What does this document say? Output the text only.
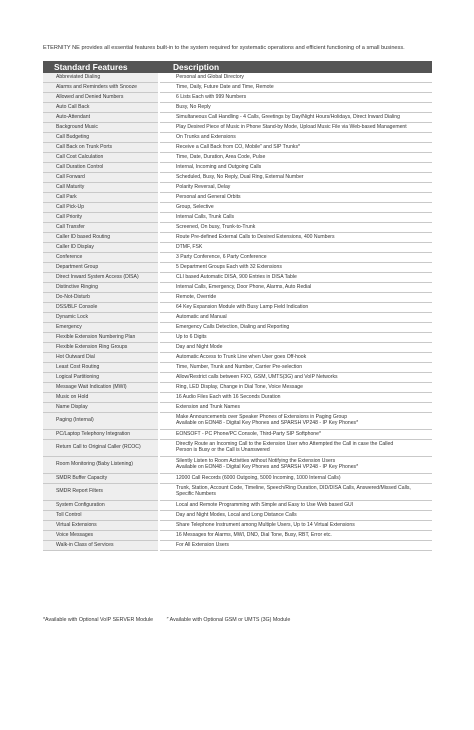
ETERNITY NE provides all essential features built-in to the system required for systematic operations and efficient functioning of a small business.
Standard Features	Description
Abbreviated Dialing	Personal and Global Directory
Alarms and Reminders with Snooze	Time, Daily, Future Date and Time, Remote
Allowed and Denied Numbers	6 Lists Each with 999 Numbers
Auto Call Back	Busy, No Reply
Auto-Attendant	Simultaneous Call Handling - 4 Calls, Greetings by Day/Night Hours/Holidays, Direct Inward Dialing
Background Music	Play Desired Piece of Music in Phone Stand-by Mode, Upload Music File via Web-based Management
Call Budgeting	On Trunks and Extensions
Call Back on Trunk Ports	Receive a Call Back from CO, Mobile″ and SIP Trunks*
Call Cost Calculation	Time, Date, Duration, Area Code, Pulse
Call Duration Control	Internal, Incoming and Outgoing Calls
Call Forward	Scheduled, Busy, No Reply, Dual Ring, External Number
Call Maturity	Polarity Reversal, Delay
Call Park	Personal and General Orbits
Call Pick-Up	Group, Selective
Call Priority	Internal Calls, Trunk Calls
Call Transfer	Screened, On busy, Trunk-to-Trunk
Caller ID based Routing	Route Pre-defined External Calls to Desired Extensions, 400 Numbers
Caller ID Display	DTMF, FSK
Conference	3 Party Conference, 6 Party Conference
Department Group	5 Department Groups Each with 32 Extensions
Direct Inward System Access (DISA)	CLI based Automatic DISA, 900 Entries in DISA Table
Distinctive Ringing	Internal Calls, Emergency, Door Phone, Alarms, Auto Redial
Do-Not-Disturb	Remote, Override
DSS/BLF Console	64 Key Expansion Module with Busy Lamp Field Indication
Dynamic Lock	Automatic and Manual
Emergency	Emergency Calls Detection, Dialing and Reporting
Flexible Extension Numbering Plan	Up to 6 Digits
Flexible Extension Ring Groups	Day and Night Mode
Hot Outward Dial	Automatic Access to Trunk Line when User goes Off-hook
Least Cost Routing	Time, Number, Trunk and Number, Carrier Pre-selection
Logical Partitioning	Allow/Restrict calls between FXO, GSM, UMTS(3G) and VoIP Networks
Message Wait Indication (MWI)	Ring, LED Display, Change in Dial Tone, Voice Message
Music on Hold	16 Audio Files Each with 16 Seconds Duration
Name Display	Extension and Trunk Names
Paging (Internal)	Make Announcements over Speaker Phones of Extensions in Paging Group
Available on EON48 - Digital Key Phones and SPARSH VP248 - IP Key Phones*
PC/Laptop Telephony Integration	EONSOFT - PC Phone/PC Console, Third-Party SIP Softphone*
Return Call to Original Caller (RCOC)	Directly Route an Incoming Call to the Extension User who Attempted the Call in case the Called
Person is Busy or the Call is Unanswered
Room Monitoring (Baby Listening)	Silently Listen to Room Activities without Notifying the Extension Users
Available on EON48 - Digital Key Phones and SPARSH VP248 - IP Key Phones*
SMDR Buffer Capacity	12000 Call Records (6000 Outgoing, 5000 Incoming, 1000 Internal Calls)
SMDR Report Filters	Trunk, Station, Account Code, Timeline, Speech/Ring Duration, DID/DISA Calls, Answered/Missed Calls,
Specific Numbers
System Configuration	Local and Remote Programming with Simple and Easy to Use Web based GUI
Toll Control	Day and Night Modes, Local and Long Distance Calls
Virtual Extensions	Share Telephone Instrument among Multiple Users, Up to 14 Virtual Extensions
Voice Messages	16 Messages for Alarms, MWI, DND, Dial Tone, Busy, RBT, Error etc.
Walk-in Class of Services	For All Extension Users
*Available with Optional VoIP SERVER Module	″ Available with Optional GSM or UMTS (3G) Module
